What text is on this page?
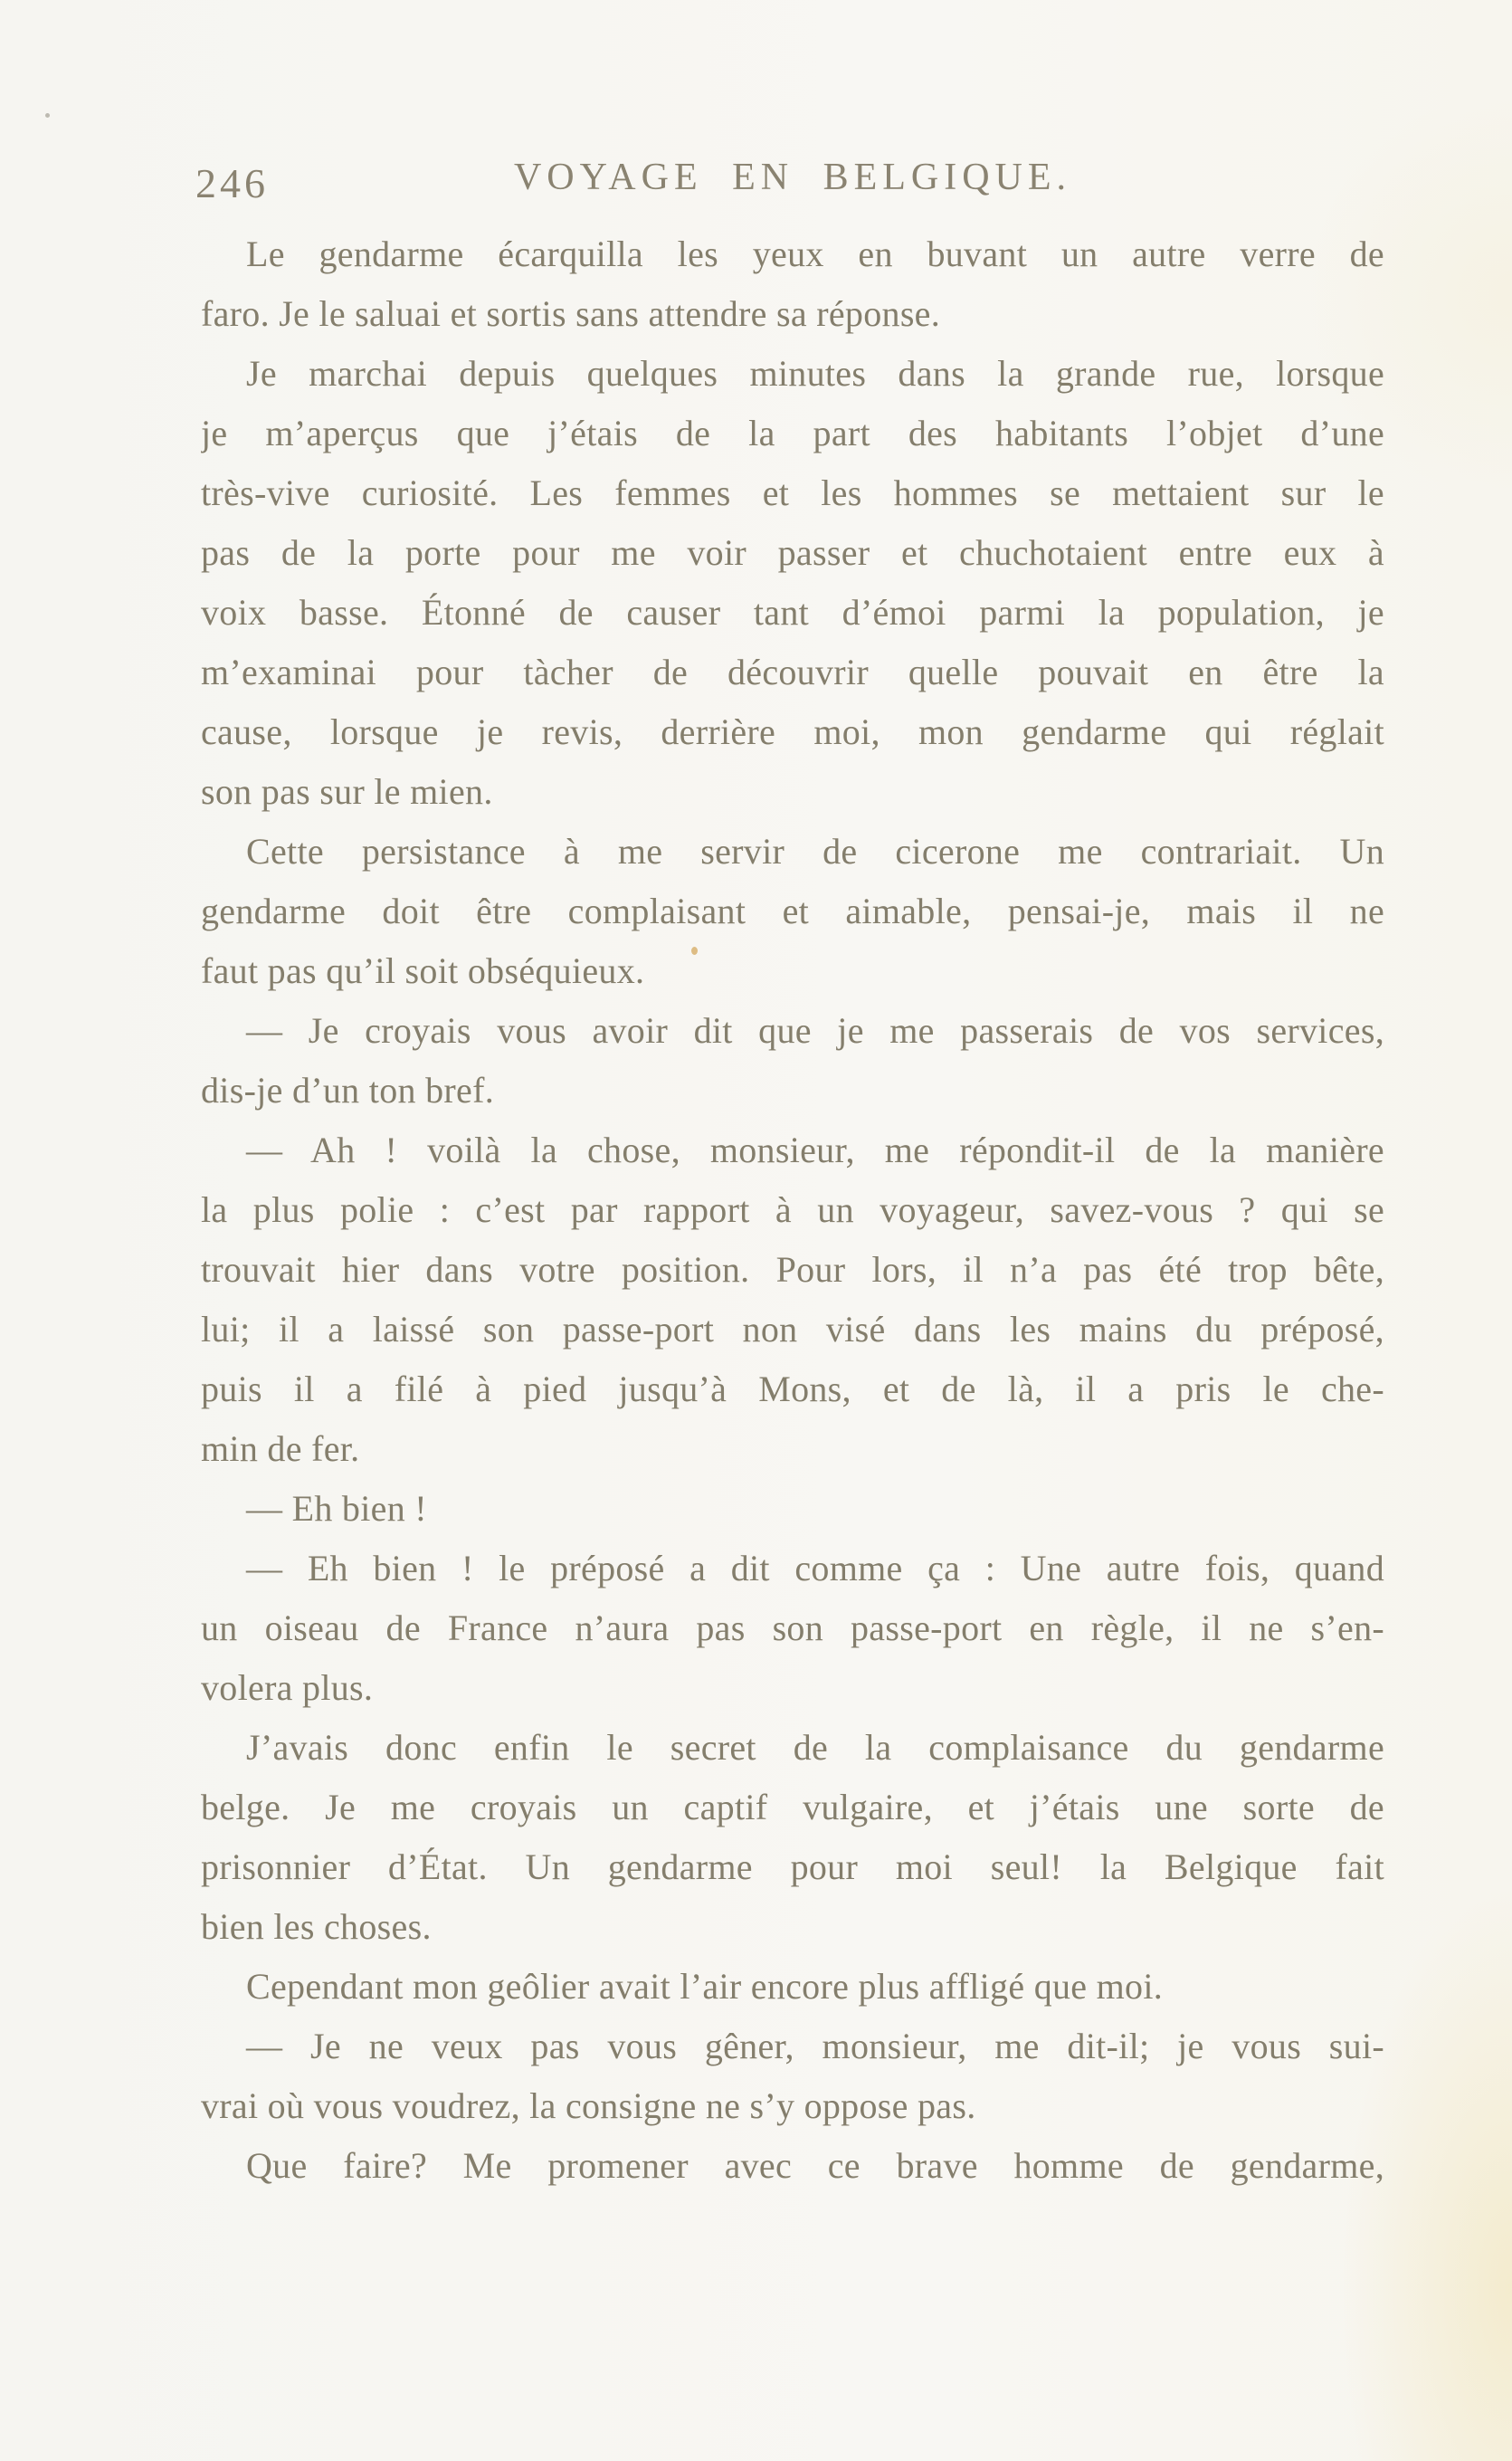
246	VOYAGE EN BELGIQUE.
Le gendarme écarquilla les yeux en buvant un autre verre de
faro. Je le saluai et sortis sans attendre sa réponse.
Je marchai depuis quelques minutes dans la grande rue, lorsque
je m’aperçus que j’étais de la part des habitants l’objet d’une
très-vive curiosité. Les femmes et les hommes se mettaient sur le
pas de la porte pour me voir passer et chuchotaient entre eux à
voix basse. Étonné de causer tant d’émoi parmi la population, je
m’examinai pour tàcher de découvrir quelle pouvait en être la
cause, lorsque je revis, derrière moi, mon gendarme qui réglait
son pas sur le mien.
Cette persistance à me servir de cicerone me contrariait. Un
gendarme doit être complaisant et aimable, pensai-je, mais il ne
faut pas qu’il soit obséquieux.
— Je croyais vous avoir dit que je me passerais de vos services,
dis-je d’un ton bref.
— Ah ! voilà la chose, monsieur, me répondit-il de la manière
la plus polie : c’est par rapport à un voyageur, savez-vous ? qui se
trouvait hier dans votre position. Pour lors, il n’a pas été trop bête,
lui; il a laissé son passe-port non visé dans les mains du préposé,
puis il a filé à pied jusqu’à Mons, et de là, il a pris le che-
min de fer.
— Eh bien !
— Eh bien ! le préposé a dit comme ça : Une autre fois, quand
un oiseau de France n’aura pas son passe-port en règle, il ne s’en-
volera plus.
J’avais donc enfin le secret de la complaisance du gendarme
belge. Je me croyais un captif vulgaire, et j’étais une sorte de
prisonnier d’État. Un gendarme pour moi seul! la Belgique fait
bien les choses.
Cependant mon geôlier avait l’air encore plus affligé que moi.
— Je ne veux pas vous gêner, monsieur, me dit-il; je vous sui-
vrai où vous voudrez, la consigne ne s’y oppose pas.
Que faire? Me promener avec ce brave homme de gendarme,
